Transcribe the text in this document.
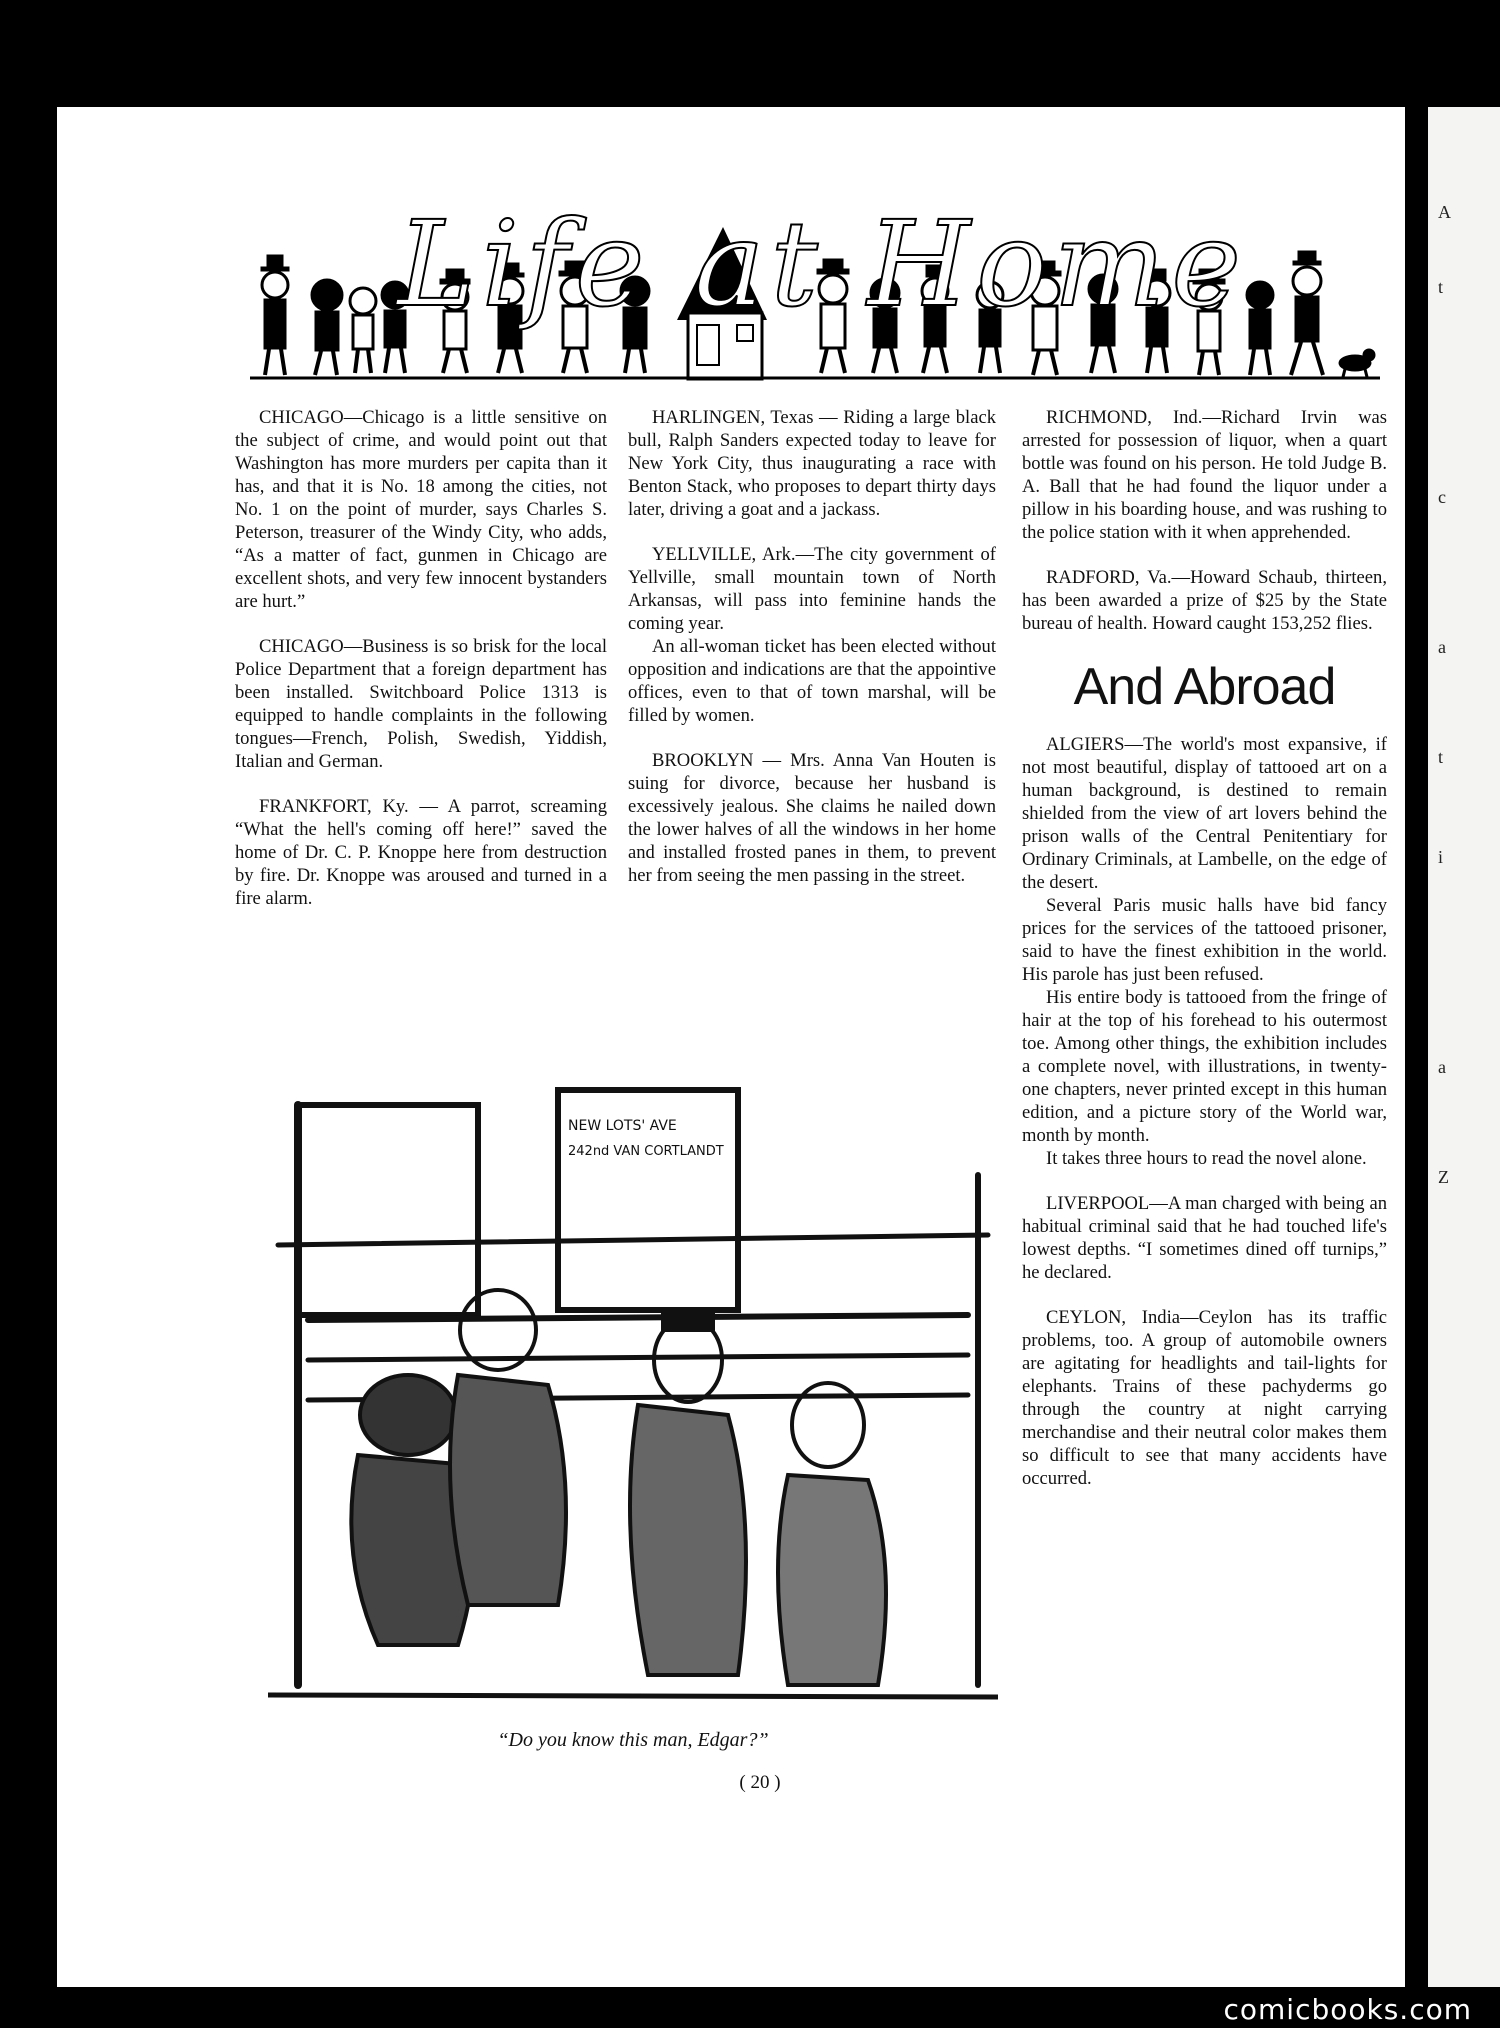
A
t
c
a
t
i
a
Z
Life at Home

CHICAGO—Chicago is a little sensitive on the subject of crime, and would point out that Washington has more murders per capita than it has, and that it is No. 18 among the cities, not No. 1 on the point of murder, says Charles S. Peterson, treasurer of the Windy City, who adds, “As a matter of fact, gunmen in Chicago are excellent shots, and very few innocent bystanders are hurt.”

CHICAGO—Business is so brisk for the local Police Department that a foreign department has been installed. Switchboard Police 1313 is equipped to handle complaints in the following tongues—French, Polish, Swedish, Yiddish, Italian and German.

FRANKFORT, Ky. — A parrot, screaming “What the hell's coming off here!” saved the home of Dr. C. P. Knoppe here from destruction by fire. Dr. Knoppe was aroused and turned in a fire alarm.

HARLINGEN, Texas — Riding a large black bull, Ralph Sanders expected today to leave for New York City, thus inaugurating a race with Benton Stack, who proposes to depart thirty days later, driving a goat and a jackass.

YELLVILLE, Ark.—The city government of Yellville, small mountain town of North Arkansas, will pass into feminine hands the coming year.

An all-woman ticket has been elected without opposition and indications are that the appointive offices, even to that of town marshal, will be filled by women.

BROOKLYN — Mrs. Anna Van Houten is suing for divorce, because her husband is excessively jealous. She claims he nailed down the lower halves of all the windows in her home and installed frosted panes in them, to prevent her from seeing the men passing in the street.

RICHMOND, Ind.—Richard Irvin was arrested for possession of liquor, when a quart bottle was found on his person. He told Judge B. A. Ball that he had found the liquor under a pillow in his boarding house, and was rushing to the police station with it when apprehended.

RADFORD, Va.—Howard Schaub, thirteen, has been awarded a prize of $25 by the State bureau of health. Howard caught 153,252 flies.

And Abroad

ALGIERS—The world's most expansive, if not most beautiful, display of tattooed art on a human background, is destined to remain shielded from the view of art lovers behind the prison walls of the Central Penitentiary for Ordinary Criminals, at Lambelle, on the edge of the desert.

Several Paris music halls have bid fancy prices for the services of the tattooed prisoner, said to have the finest exhibition in the world. His parole has just been refused.

His entire body is tattooed from the fringe of hair at the top of his forehead to his outermost toe. Among other things, the exhibition includes a complete novel, with illustrations, in twenty-one chapters, never printed except in this human edition, and a picture story of the World war, month by month.

It takes three hours to read the novel alone.

LIVERPOOL—A man charged with being an habitual criminal said that he had touched life's lowest depths. “I sometimes dined off turnips,” he declared.

CEYLON, India—Ceylon has its traffic problems, too. A group of automobile owners are agitating for headlights and tail-lights for elephants. Trains of these pachyderms go through the country at night carrying merchandise and their neutral color makes them so difficult to see that many accidents have occurred.

NEW LOTS' AVE
242nd VAN CORTLANDT
“Do you know this man, Edgar?”
( 20 )
comicbooks.com
